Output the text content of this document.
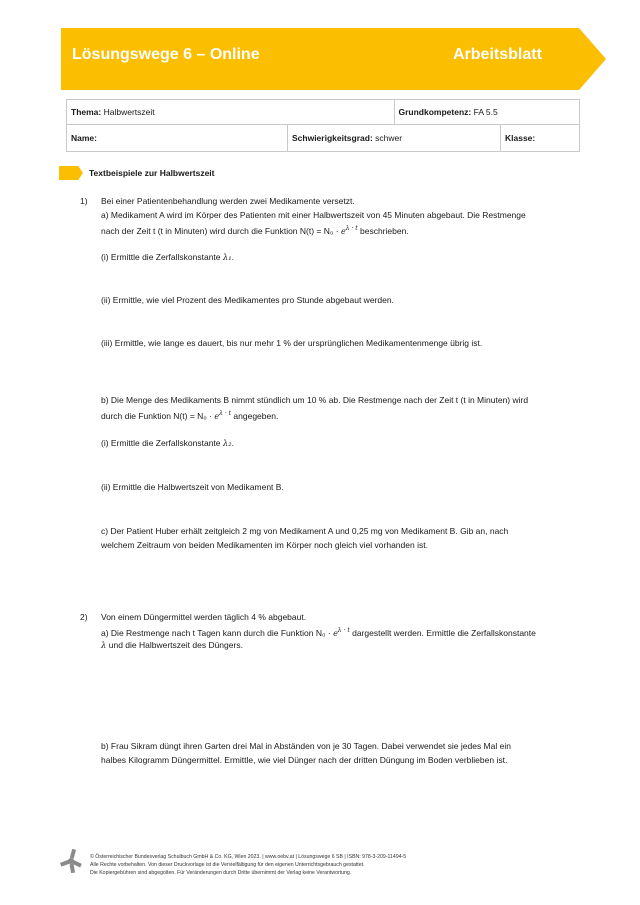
Lösungswege 6 – Online	Arbeitsblatt
Thema: Halbwertszeit		Grundkompetenz: FA 5.5	
Name:	Schwierigkeitsgrad: schwer		Klasse:
Textbeispiele zur Halbwertszeit
1) Bei einer Patientenbehandlung werden zwei Medikamente versetzt.
a) Medikament A wird im Körper des Patienten mit einer Halbwertszeit von 45 Minuten abgebaut. Die Restmenge
nach der Zeit t (t in Minuten) wird durch die Funktion $N(t) = N_0 \cdot e^{\lambda \cdot t}$ beschrieben.
(i) Ermittle die Zerfallskonstante λ₁.
(ii) Ermittle, wie viel Prozent des Medikamentes pro Stunde abgebaut werden.
(iii) Ermittle, wie lange es dauert, bis nur mehr 1 % der ursprünglichen Medikamentenmenge übrig ist.
b) Die Menge des Medikaments B nimmt stündlich um 10 % ab. Die Restmenge nach der Zeit t (t in Minuten) wird
durch die Funktion $N(t) = N_0 \cdot e^{\lambda \cdot t}$ angegeben.
(i) Ermittle die Zerfallskonstante λ₂.
(ii) Ermittle die Halbwertszeit von Medikament B.
c) Der Patient Huber erhält zeitgleich 2 mg von Medikament A und 0,25 mg von Medikament B. Gib an, nach
welchem Zeitraum von beiden Medikamenten im Körper noch gleich viel vorhanden ist.
2) Von einem Düngermittel werden täglich 4 % abgebaut.
a) Die Restmenge nach t Tagen kann durch die Funktion $N_0 \cdot e^{\lambda \cdot t}$ dargestellt werden. Ermittle die Zerfallskonstante
λ und die Halbwertszeit des Düngers.
b) Frau Sikram düngt ihren Garten drei Mal in Abständen von je 30 Tagen. Dabei verwendet sie jedes Mal ein
halbes Kilogramm Düngermittel. Ermittle, wie viel Dünger nach der dritten Düngung im Boden verblieben ist.
© Österreichischer Bundesverlag Schulbuch GmbH & Co. KG, Wien 2023. | www.oebv.at | Lösungswege 6 SB | ISBN: 978-3-209-11494-5
Alle Rechte vorbehalten. Von dieser Druckvorlage ist die Vervielfältigung für den eigenen Unterrichtsgebrauch gestattet.
Die Kopiergebühren sind abgegolten. Für Veränderungen durch Dritte übernimmt der Verlag keine Verantwortung.
